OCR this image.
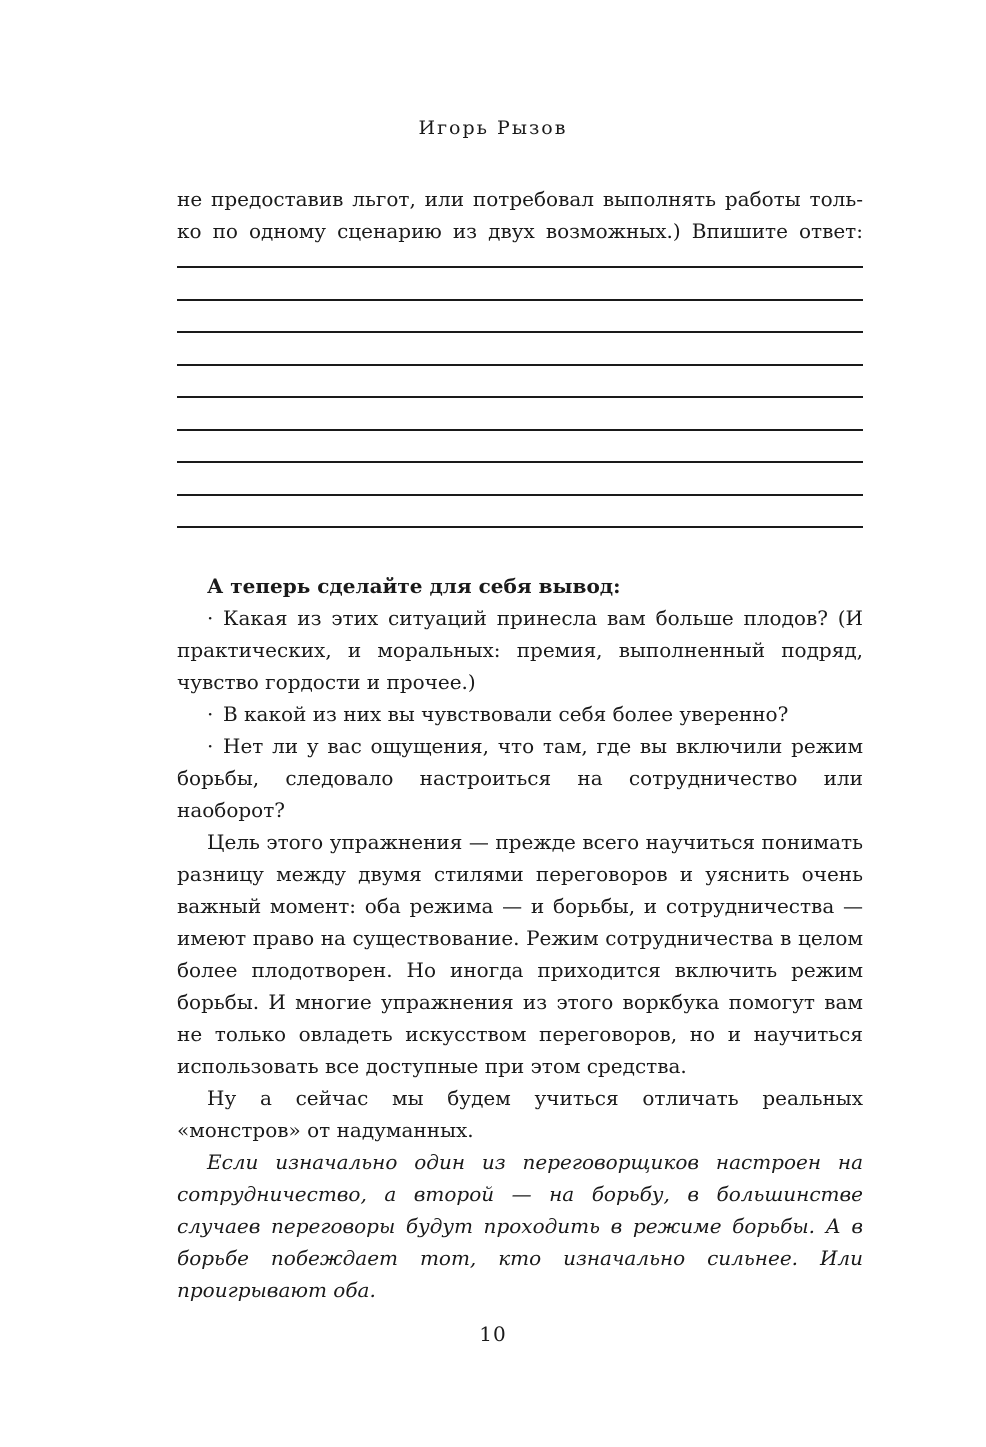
Игорь Рызов

не предоставив льгот, или потребовал выполнять работы толь-

ко по одному сценарию из двух возможных.) Впишите ответ:

А теперь сделайте для себя вывод:

· Какая из этих ситуаций принесла вам больше плодов? (И практических, и моральных: премия, выполненный подряд, чувство гордости и прочее.)

· В какой из них вы чувствовали себя более уверенно?

· Нет ли у вас ощущения, что там, где вы включили режим борьбы, следовало настроиться на сотрудничество или наоборот?

Цель этого упражнения — прежде всего научиться понимать разницу между двумя стилями переговоров и уяснить очень важный момент: оба режима — и борьбы, и сотрудничества — имеют право на существование. Режим сотрудничества в целом более плодотворен. Но иногда приходится включить режим борьбы. И многие упражнения из этого воркбука помогут вам не только овладеть искусством переговоров, но и научиться использовать все доступные при этом средства.

Ну а сейчас мы будем учиться отличать реальных «монстров» от надуманных.

Если изначально один из переговорщиков настроен на сотрудничество, а второй — на борьбу, в большинстве случаев переговоры будут проходить в режиме борьбы. А в борьбе побеждает тот, кто изначально сильнее. Или проигрывают оба.

10
